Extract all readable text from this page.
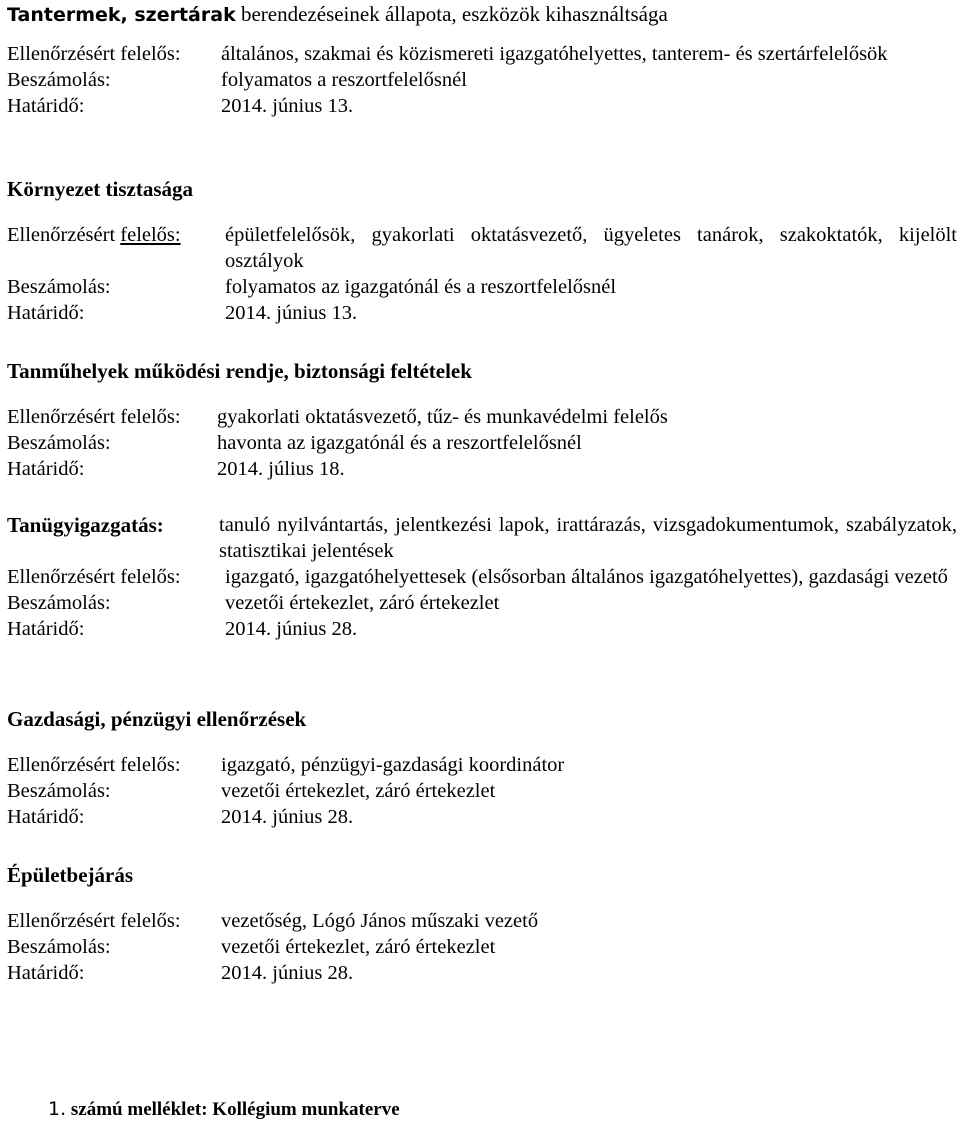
Tantermek, szertárak berendezéseinek állapota, eszközök kihasználtsága

Ellenőrzésért felelős:	általános, szakmai és közismereti igazgatóhelyettes, tanterem- és szertárfelelősök
Beszámolás:	folyamatos a reszortfelelősnél
Határidő:	2014. június 13.

Környezet tisztasága

Ellenőrzésért felelős:	épületfelelősök, gyakorlati oktatásvezető, ügyeletes tanárok, szakoktatók, kijelölt osztályok
Beszámolás:	folyamatos az igazgatónál és a reszortfelelősnél
Határidő:	2014. június 13.

Tanműhelyek működési rendje, biztonsági feltételek

Ellenőrzésért felelős:	gyakorlati oktatásvezető, tűz- és munkavédelmi felelős
Beszámolás:	havonta az igazgatónál és a reszortfelelősnél
Határidő:	2014. július 18.
Tanügyigazgatás:	tanuló nyilvántartás, jelentkezési lapok, irattárazás, vizsgadokumentumok, szabályzatok, statisztikai jelentések
Ellenőrzésért felelős:	igazgató, igazgatóhelyettesek (elsősorban általános igazgatóhelyettes), gazdasági vezető
Beszámolás:	vezetői értekezlet, záró értekezlet
Határidő:	2014. június 28.

Gazdasági, pénzügyi ellenőrzések

Ellenőrzésért felelős:	igazgató, pénzügyi-gazdasági koordinátor
Beszámolás:	vezetői értekezlet, záró értekezlet
Határidő:	2014. június 28.

Épületbejárás

Ellenőrzésért felelős:	vezetőség, Lógó János műszaki vezető
Beszámolás:	vezetői értekezlet, záró értekezlet
Határidő:	2014. június 28.
1. számú melléklet: Kollégium munkaterve
